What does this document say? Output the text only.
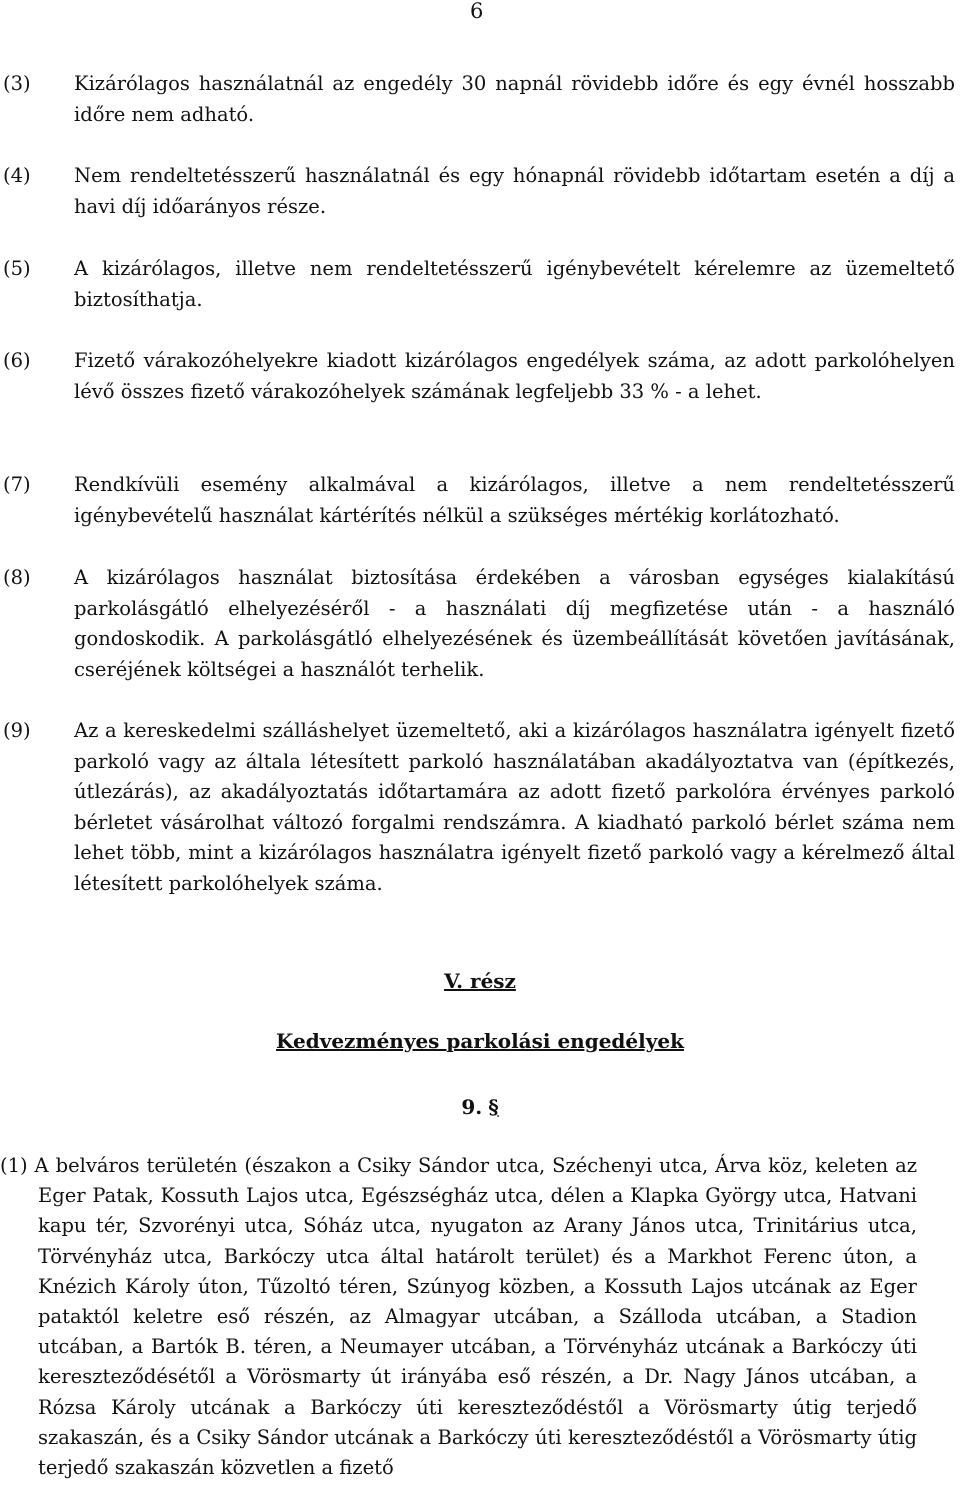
6
(3) Kizárólagos használatnál az engedély 30 napnál rövidebb időre és egy évnél hosszabb időre nem adható.
(4) Nem rendeltetésszerű használatnál és egy hónapnál rövidebb időtartam esetén a díj a havi díj időarányos része.
(5) A kizárólagos, illetve nem rendeltetésszerű igénybevételt kérelemre az üzemeltető biztosíthatja.
(6) Fizető várakozóhelyekre kiadott kizárólagos engedélyek száma, az adott parkolóhelyen lévő összes fizető várakozóhelyek számának legfeljebb 33 % - a lehet.
(7) Rendkívüli esemény alkalmával a kizárólagos, illetve a nem rendeltetésszerű igénybevételű használat kártérítés nélkül a szükséges mértékig korlátozható.
(8) A kizárólagos használat biztosítása érdekében a városban egységes kialakítású parkolásgátló elhelyezéséről - a használati díj megfizetése után - a használó gondoskodik. A parkolásgátló elhelyezésének és üzembeállítását követően javításának, cseréjének költségei a használót terhelik.
(9) Az a kereskedelmi szálláshelyet üzemeltető, aki a kizárólagos használatra igényelt fizető parkoló vagy az általa létesített parkoló használatában akadályoztatva van (építkezés, útlezárás), az akadályoztatás időtartamára az adott fizető parkolóra érvényes parkoló bérletet vásárolhat változó forgalmi rendszámra. A kiadható parkoló bérlet száma nem lehet több, mint a kizárólagos használatra igényelt fizető parkoló vagy a kérelmező által létesített parkolóhelyek száma.
V. rész
Kedvezményes parkolási engedélyek
9. §
(1) A belváros területén (északon a Csiky Sándor utca, Széchenyi utca, Árva köz, keleten az Eger Patak, Kossuth Lajos utca, Egészségház utca, délen a Klapka György utca, Hatvani kapu tér, Szvorényi utca, Sóház utca, nyugaton az Arany János utca, Trinitárius utca, Törvényház utca, Barkóczy utca által határolt terület) és a Markhot Ferenc úton, a Knézich Károly úton, Tűzoltó téren, Szúnyog közben, a Kossuth Lajos utcának az Eger pataktól keletre eső részén, az Almagyar utcában, a Szálloda utcában, a Stadion utcában, a Bartók B. téren, a Neumayer utcában, a Törvényház utcának a Barkóczy úti kereszteződésétől a Vörösmarty út irányába eső részén, a Dr. Nagy János utcában, a Rózsa Károly utcának a Barkóczy úti kereszteződéstől a Vörösmarty útig terjedő szakaszán, és a Csiky Sándor utcának a Barkóczy úti kereszteződéstől a Vörösmarty útig terjedő szakaszán közvetlen a fizető
